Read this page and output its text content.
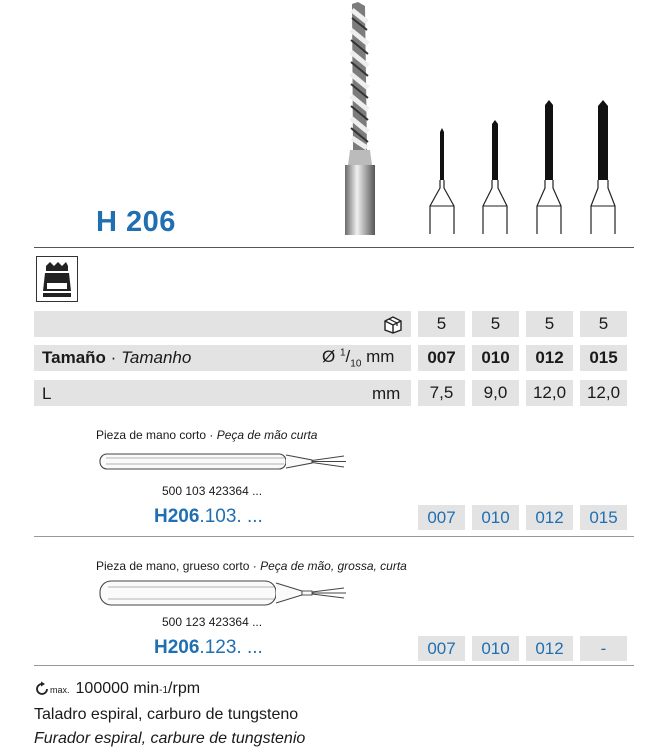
H 206
5	5	5	5
Tamaño · Tamanho	Ø $^1/_{10}$ mm	007	010	012	015
L	mm	7,5	9,0	12,0	12,0
Pieza de mano corto · Peça de mão curta
500 103 423364 ...
H206.103. ...	007	010	012	015
Pieza de mano, grueso corto · Peça de mão, grossa, curta
500 123 423364 ...
H206.123. ...	007	010	012	-
max. 100000 min -1 /rpm
Taladro espiral, carburo de tungsteno
Furador espiral, carbure de tungstenio
